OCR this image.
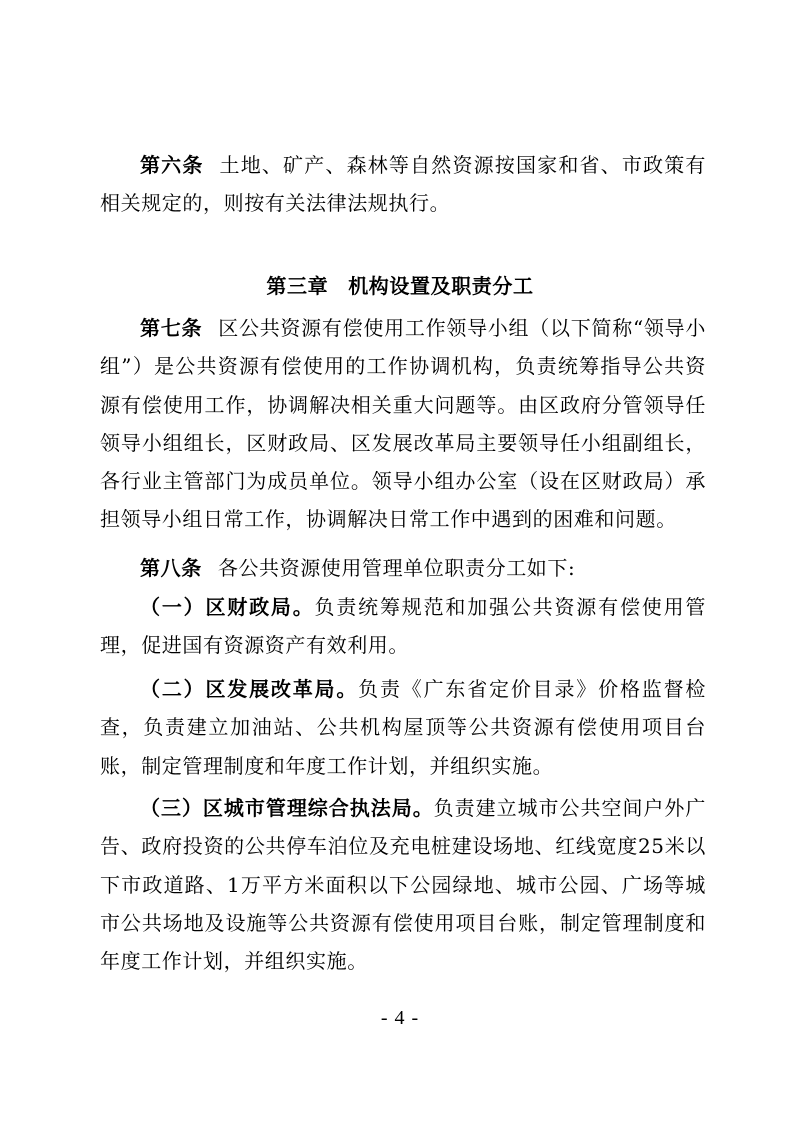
第六条 土地、矿产、森林等自然资源按国家和省、市政策有相关规定的，则按有关法律法规执行。

第三章 机构设置及职责分工

第七条 区公共资源有偿使用工作领导小组（以下简称“领导小组”）是公共资源有偿使用的工作协调机构，负责统筹指导公共资源有偿使用工作，协调解决相关重大问题等。由区政府分管领导任领导小组组长，区财政局、区发展改革局主要领导任小组副组长，各行业主管部门为成员单位。领导小组办公室（设在区财政局）承担领导小组日常工作，协调解决日常工作中遇到的困难和问题。

第八条 各公共资源使用管理单位职责分工如下:

（一）区财政局。负责统筹规范和加强公共资源有偿使用管理，促进国有资源资产有效利用。

（二）区发展改革局。负责《广东省定价目录》价格监督检查，负责建立加油站、公共机构屋顶等公共资源有偿使用项目台账，制定管理制度和年度工作计划，并组织实施。

（三）区城市管理综合执法局。负责建立城市公共空间户外广告、政府投资的公共停车泊位及充电桩建设场地、红线宽度25米以下市政道路、1万平方米面积以下公园绿地、城市公园、广场等城市公共场地及设施等公共资源有偿使用项目台账，制定管理制度和年度工作计划，并组织实施。

- 4 -
